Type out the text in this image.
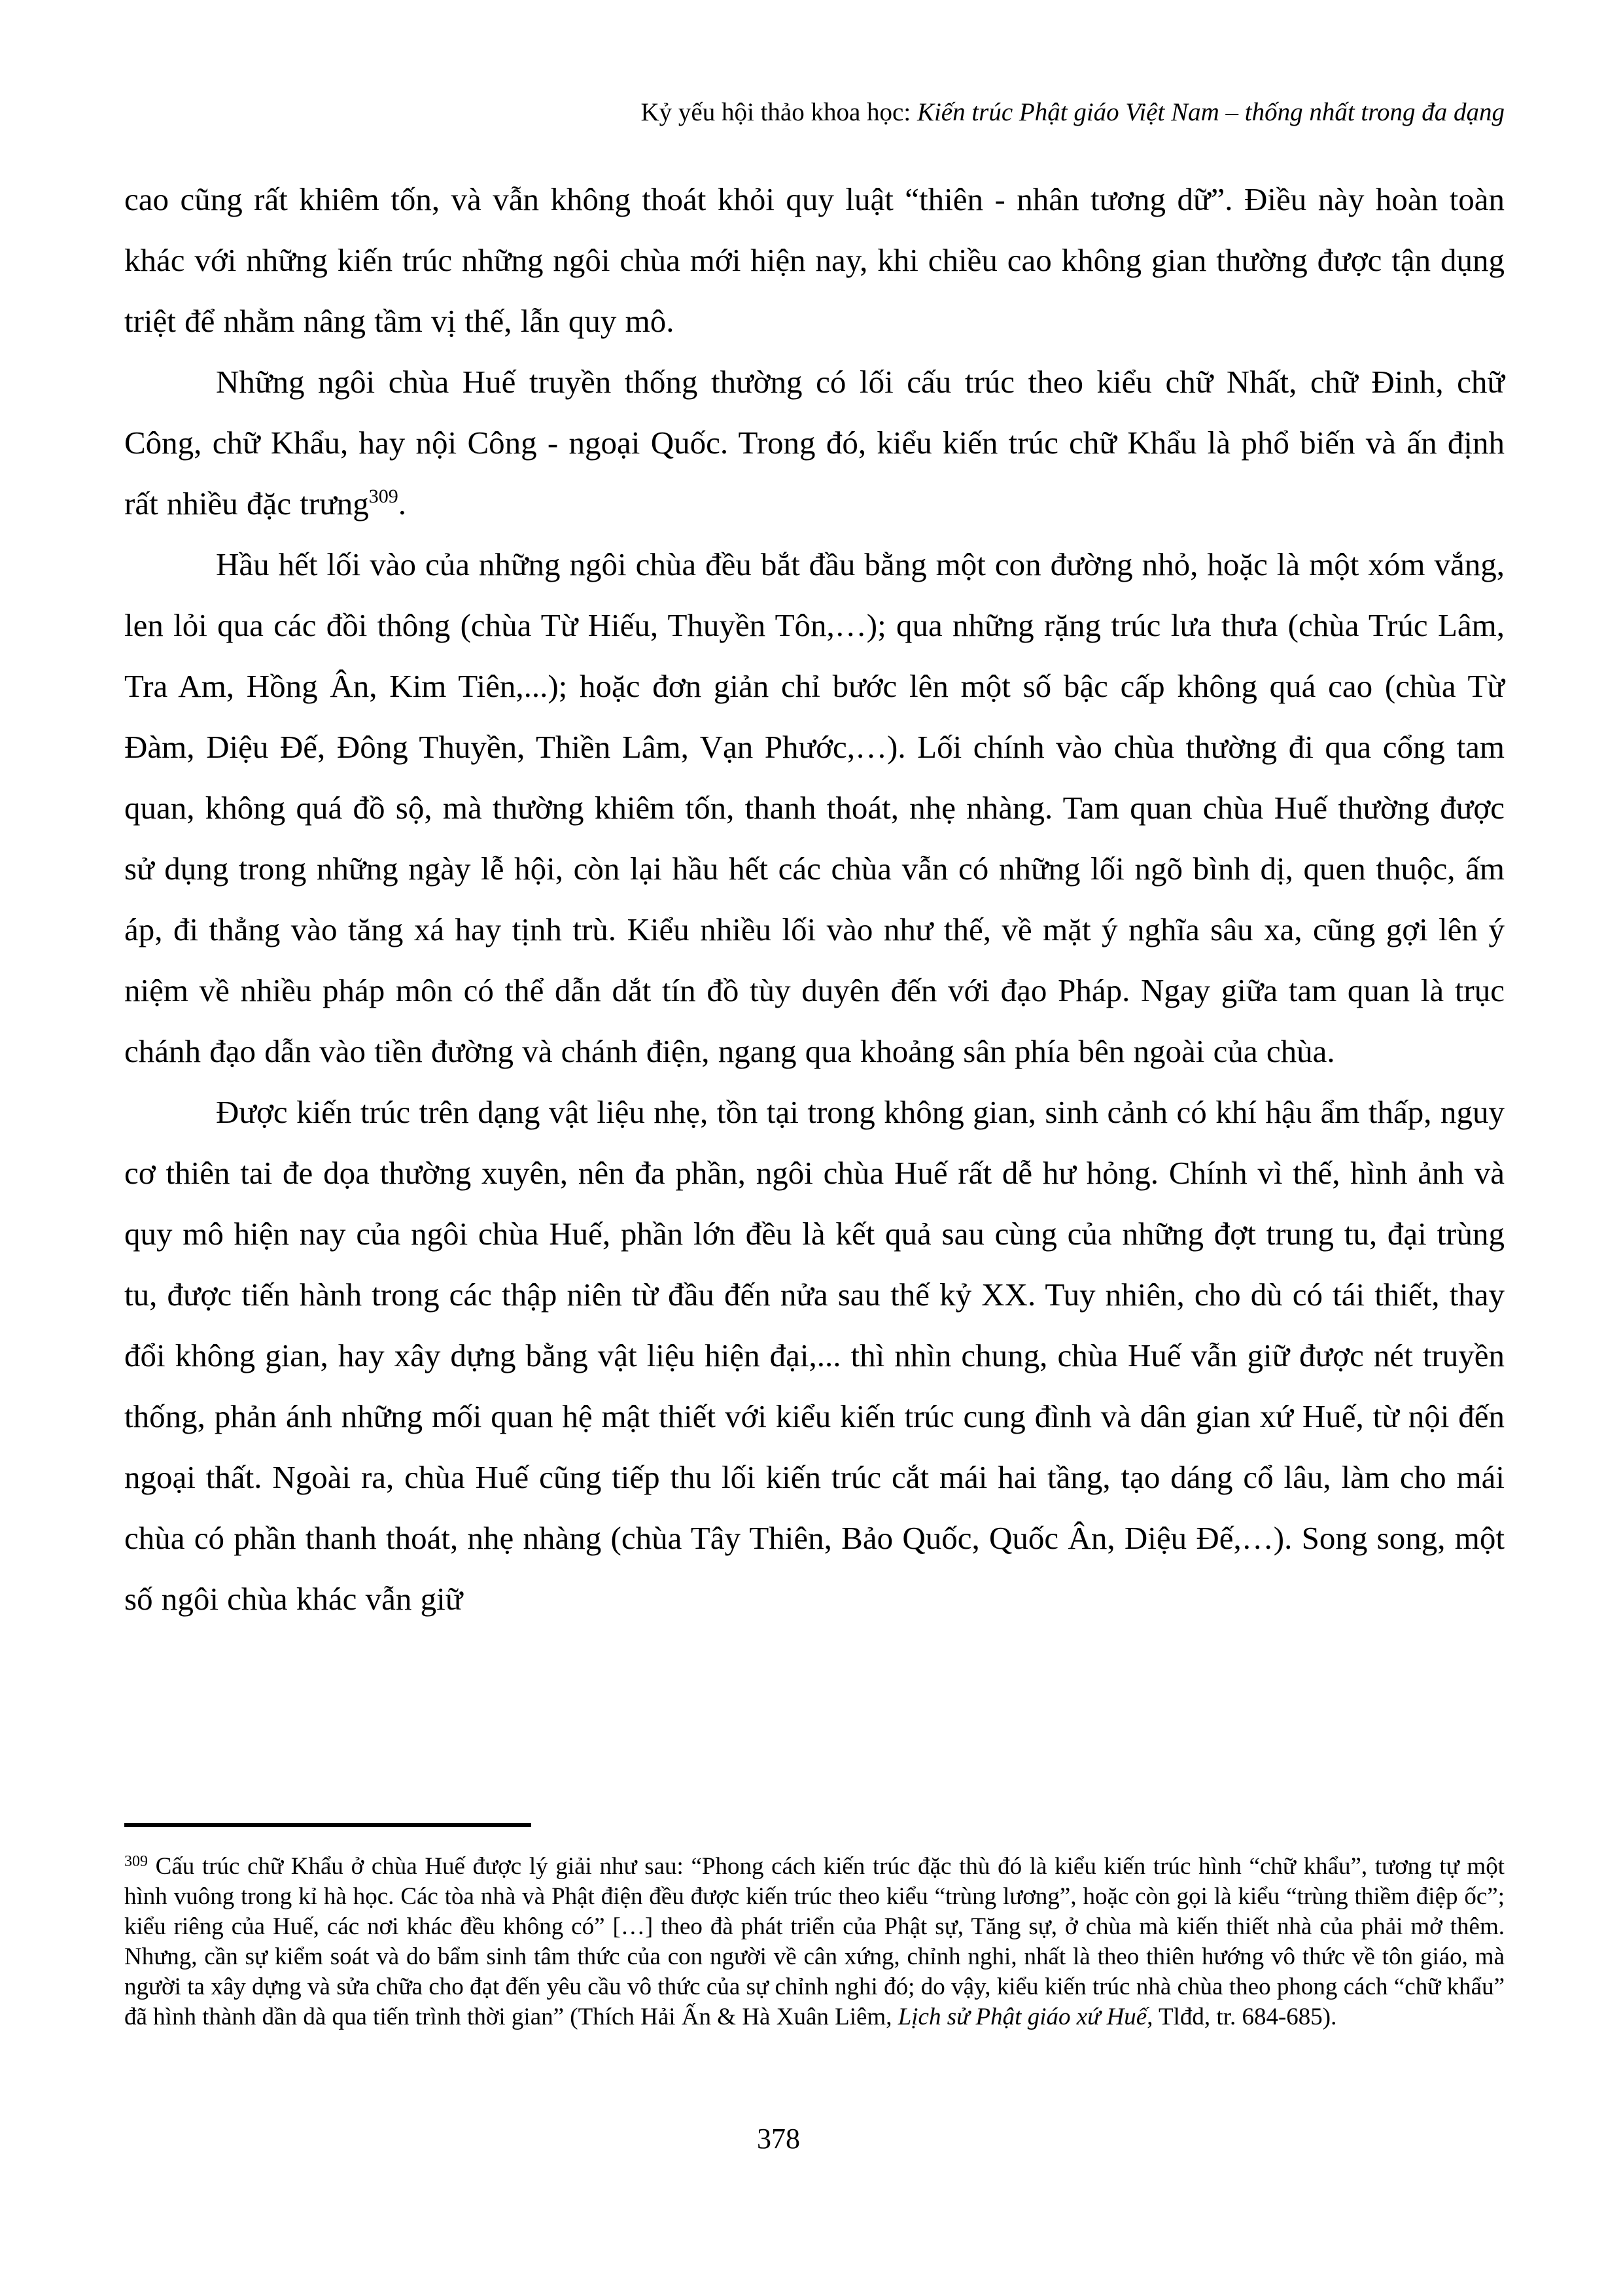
Kỷ yếu hội thảo khoa học: Kiến trúc Phật giáo Việt Nam – thống nhất trong đa dạng

cao cũng rất khiêm tốn, và vẫn không thoát khỏi quy luật “thiên - nhân tương dữ”. Điều này hoàn toàn khác với những kiến trúc những ngôi chùa mới hiện nay, khi chiều cao không gian thường được tận dụng triệt để nhằm nâng tầm vị thế, lẫn quy mô.

Những ngôi chùa Huế truyền thống thường có lối cấu trúc theo kiểu chữ Nhất, chữ Đinh, chữ Công, chữ Khẩu, hay nội Công - ngoại Quốc. Trong đó, kiểu kiến trúc chữ Khẩu là phổ biến và ấn định rất nhiều đặc trưng$^{309}$.

Hầu hết lối vào của những ngôi chùa đều bắt đầu bằng một con đường nhỏ, hoặc là một xóm vắng, len lỏi qua các đồi thông (chùa Từ Hiếu, Thuyền Tôn,…); qua những rặng trúc lưa thưa (chùa Trúc Lâm, Tra Am, Hồng Ân, Kim Tiên,...); hoặc đơn giản chỉ bước lên một số bậc cấp không quá cao (chùa Từ Đàm, Diệu Đế, Đông Thuyền, Thiền Lâm, Vạn Phước,…). Lối chính vào chùa thường đi qua cổng tam quan, không quá đồ sộ, mà thường khiêm tốn, thanh thoát, nhẹ nhàng. Tam quan chùa Huế thường được sử dụng trong những ngày lễ hội, còn lại hầu hết các chùa vẫn có những lối ngõ bình dị, quen thuộc, ấm áp, đi thẳng vào tăng xá hay tịnh trù. Kiểu nhiều lối vào như thế, về mặt ý nghĩa sâu xa, cũng gợi lên ý niệm về nhiều pháp môn có thể dẫn dắt tín đồ tùy duyên đến với đạo Pháp. Ngay giữa tam quan là trục chánh đạo dẫn vào tiền đường và chánh điện, ngang qua khoảng sân phía bên ngoài của chùa.

Được kiến trúc trên dạng vật liệu nhẹ, tồn tại trong không gian, sinh cảnh có khí hậu ẩm thấp, nguy cơ thiên tai đe dọa thường xuyên, nên đa phần, ngôi chùa Huế rất dễ hư hỏng. Chính vì thế, hình ảnh và quy mô hiện nay của ngôi chùa Huế, phần lớn đều là kết quả sau cùng của những đợt trung tu, đại trùng tu, được tiến hành trong các thập niên từ đầu đến nửa sau thế kỷ XX. Tuy nhiên, cho dù có tái thiết, thay đổi không gian, hay xây dựng bằng vật liệu hiện đại,... thì nhìn chung, chùa Huế vẫn giữ được nét truyền thống, phản ánh những mối quan hệ mật thiết với kiểu kiến trúc cung đình và dân gian xứ Huế, từ nội đến ngoại thất. Ngoài ra, chùa Huế cũng tiếp thu lối kiến trúc cắt mái hai tầng, tạo dáng cổ lâu, làm cho mái chùa có phần thanh thoát, nhẹ nhàng (chùa Tây Thiên, Bảo Quốc, Quốc Ân, Diệu Đế,…). Song song, một số ngôi chùa khác vẫn giữ

$^{309}$ Cấu trúc chữ Khẩu ở chùa Huế được lý giải như sau: “Phong cách kiến trúc đặc thù đó là kiểu kiến trúc hình “chữ khẩu”, tương tự một hình vuông trong kỉ hà học. Các tòa nhà và Phật điện đều được kiến trúc theo kiểu “trùng lương”, hoặc còn gọi là kiểu “trùng thiềm điệp ốc”; kiểu riêng của Huế, các nơi khác đều không có” […] theo đà phát triển của Phật sự, Tăng sự, ở chùa mà kiến thiết nhà của phải mở thêm. Nhưng, cần sự kiểm soát và do bẩm sinh tâm thức của con người về cân xứng, chỉnh nghi, nhất là theo thiên hướng vô thức về tôn giáo, mà người ta xây dựng và sửa chữa cho đạt đến yêu cầu vô thức của sự chỉnh nghi đó; do vậy, kiểu kiến trúc nhà chùa theo phong cách “chữ khẩu” đã hình thành dần dà qua tiến trình thời gian” (Thích Hải Ấn & Hà Xuân Liêm, Lịch sử Phật giáo xứ Huế, Tlđd, tr. 684-685).

378
